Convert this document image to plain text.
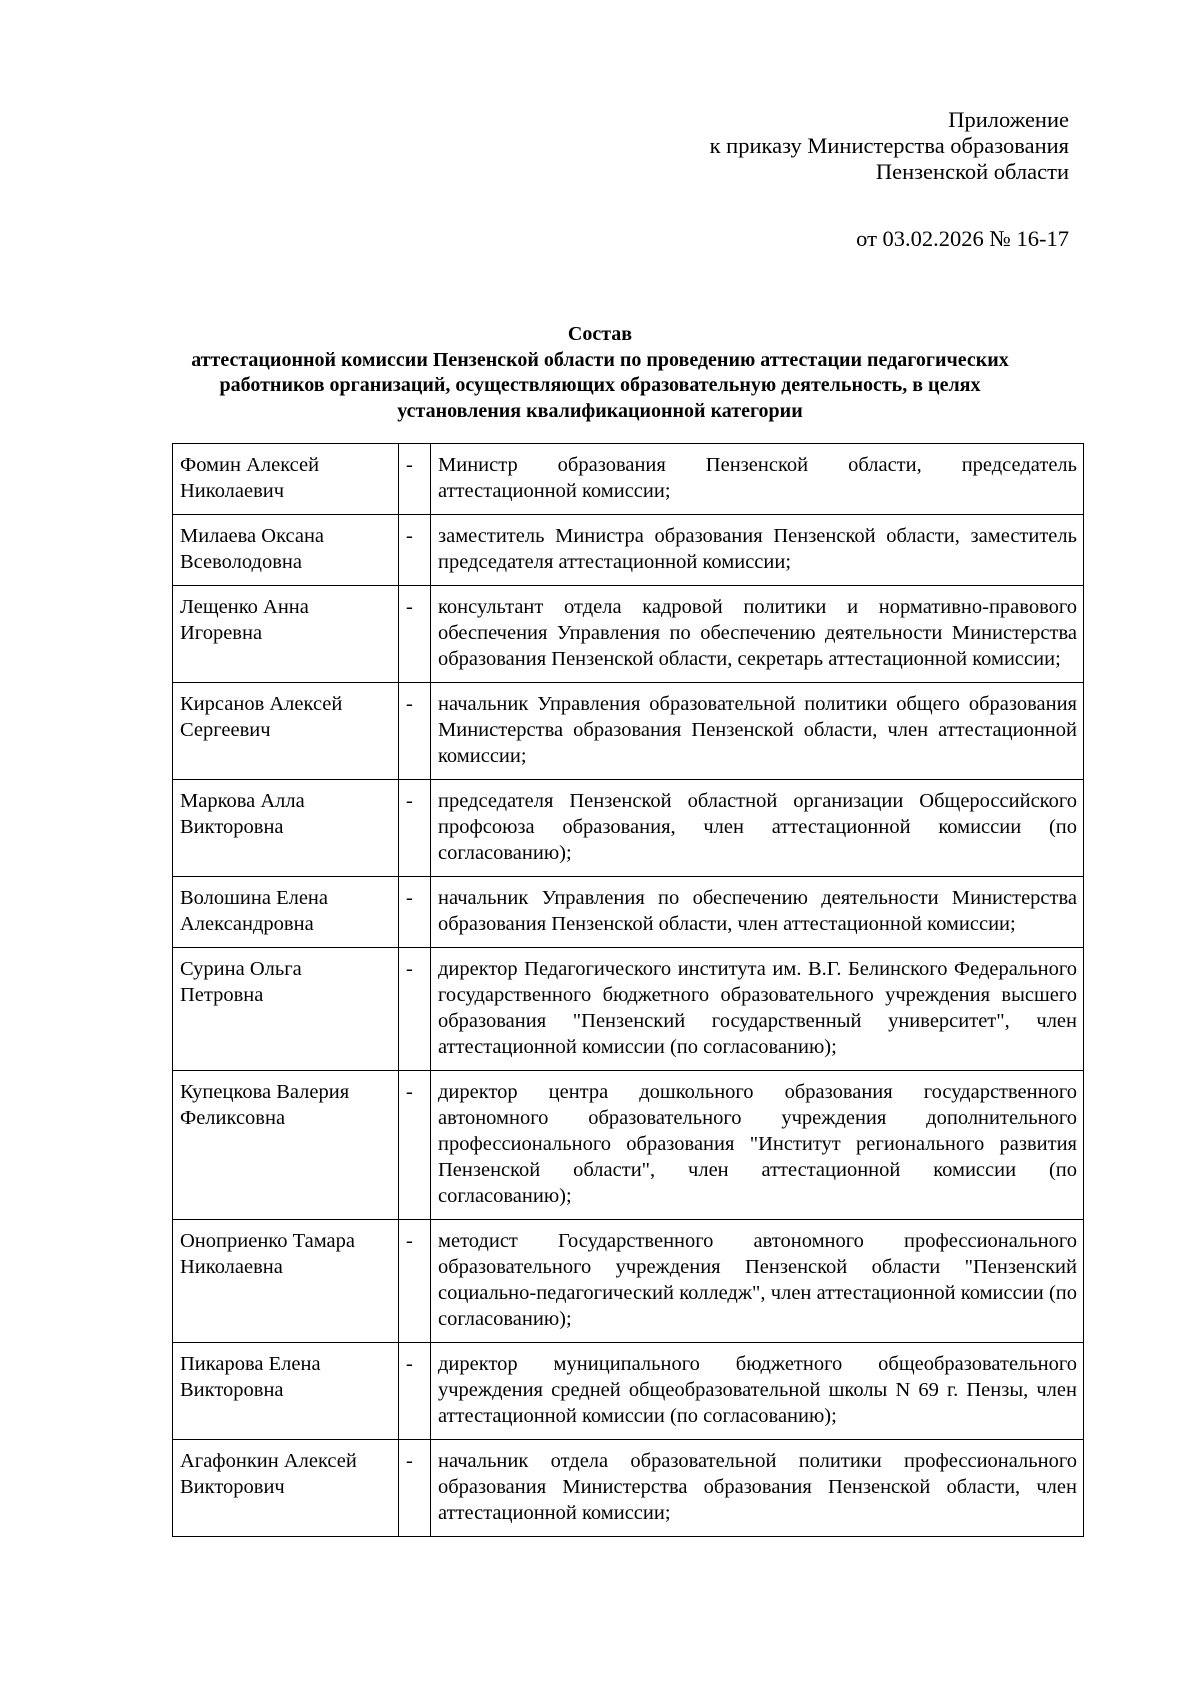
Приложение
к приказу Министерства образования
Пензенской области
от 03.02.2026 № 16-17
Состав
аттестационной комиссии Пензенской области по проведению аттестации педагогических
работников организаций, осуществляющих образовательную деятельность, в целях
установления квалификационной категории
Фомин Алексей
Николаевич	-	Министр образования Пензенской области, председатель аттестационной комиссии;

Милаева Оксана
Всеволодовна	-	заместитель Министра образования Пензенской области, заместитель председателя аттестационной комиссии;

Лещенко Анна
Игоревна	-	консультант отдела кадровой политики и нормативно-правового обеспечения Управления по обеспечению деятельности Министерства образования Пензенской области, секретарь аттестационной комиссии;

Кирсанов Алексей
Сергеевич	-	начальник Управления образовательной политики общего образования Министерства образования Пензенской области, член аттестационной комиссии;

Маркова Алла
Викторовна	-	председателя Пензенской областной организации Общероссийского профсоюза образования, член аттестационной комиссии (по согласованию);

Волошина Елена
Александровна	-	начальник Управления по обеспечению деятельности Министерства образования Пензенской области, член аттестационной комиссии;

Сурина Ольга
Петровна	-	директор Педагогического института им. В.Г. Белинского Федерального государственного бюджетного образовательного учреждения высшего образования "Пензенский государственный университет", член аттестационной комиссии (по согласованию);

Купецкова Валерия
Феликсовна	-	директор центра дошкольного образования государственного автономного образовательного учреждения дополнительного профессионального образования "Институт регионального развития Пензенской области", член аттестационной комиссии (по согласованию);

Оноприенко Тамара
Николаевна	-	методист Государственного автономного профессионального образовательного учреждения Пензенской области "Пензенский социально-педагогический колледж", член аттестационной комиссии (по согласованию);

Пикарова Елена
Викторовна	-	директор муниципального бюджетного общеобразовательного учреждения средней общеобразовательной школы N 69 г. Пензы, член аттестационной комиссии (по согласованию);

Агафонкин Алексей
Викторович	-	начальник отдела образовательной политики профессионального образования Министерства образования Пензенской области, член аттестационной комиссии;
